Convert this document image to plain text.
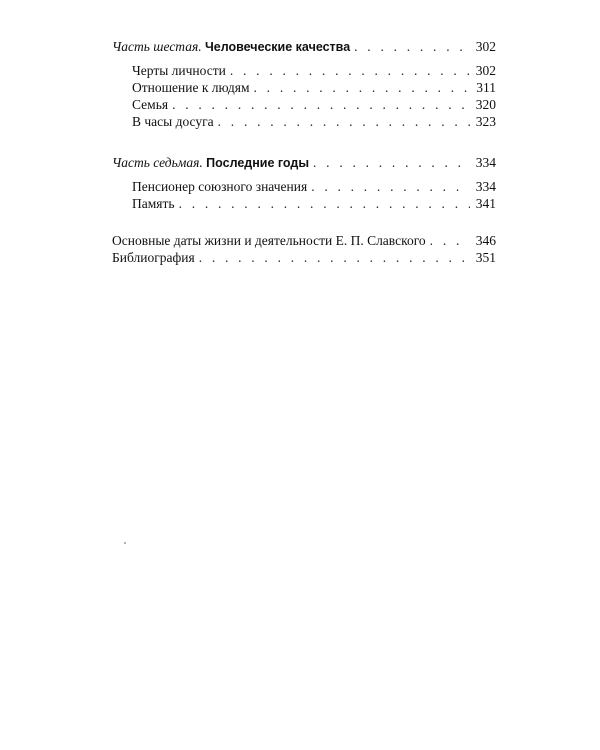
Часть шестая. Человеческие качества . . .	302
Черты личности . . .	302
Отношение к людям . . .	311
Семья . . .	320
В часы досуга . . .	323
Часть седьмая. Последние годы . . .	334
Пенсионер союзного значения . . .	334
Память . . .	341
Основные даты жизни и деятельности Е. П. Славского . . .	346
Библиография . . .	351
